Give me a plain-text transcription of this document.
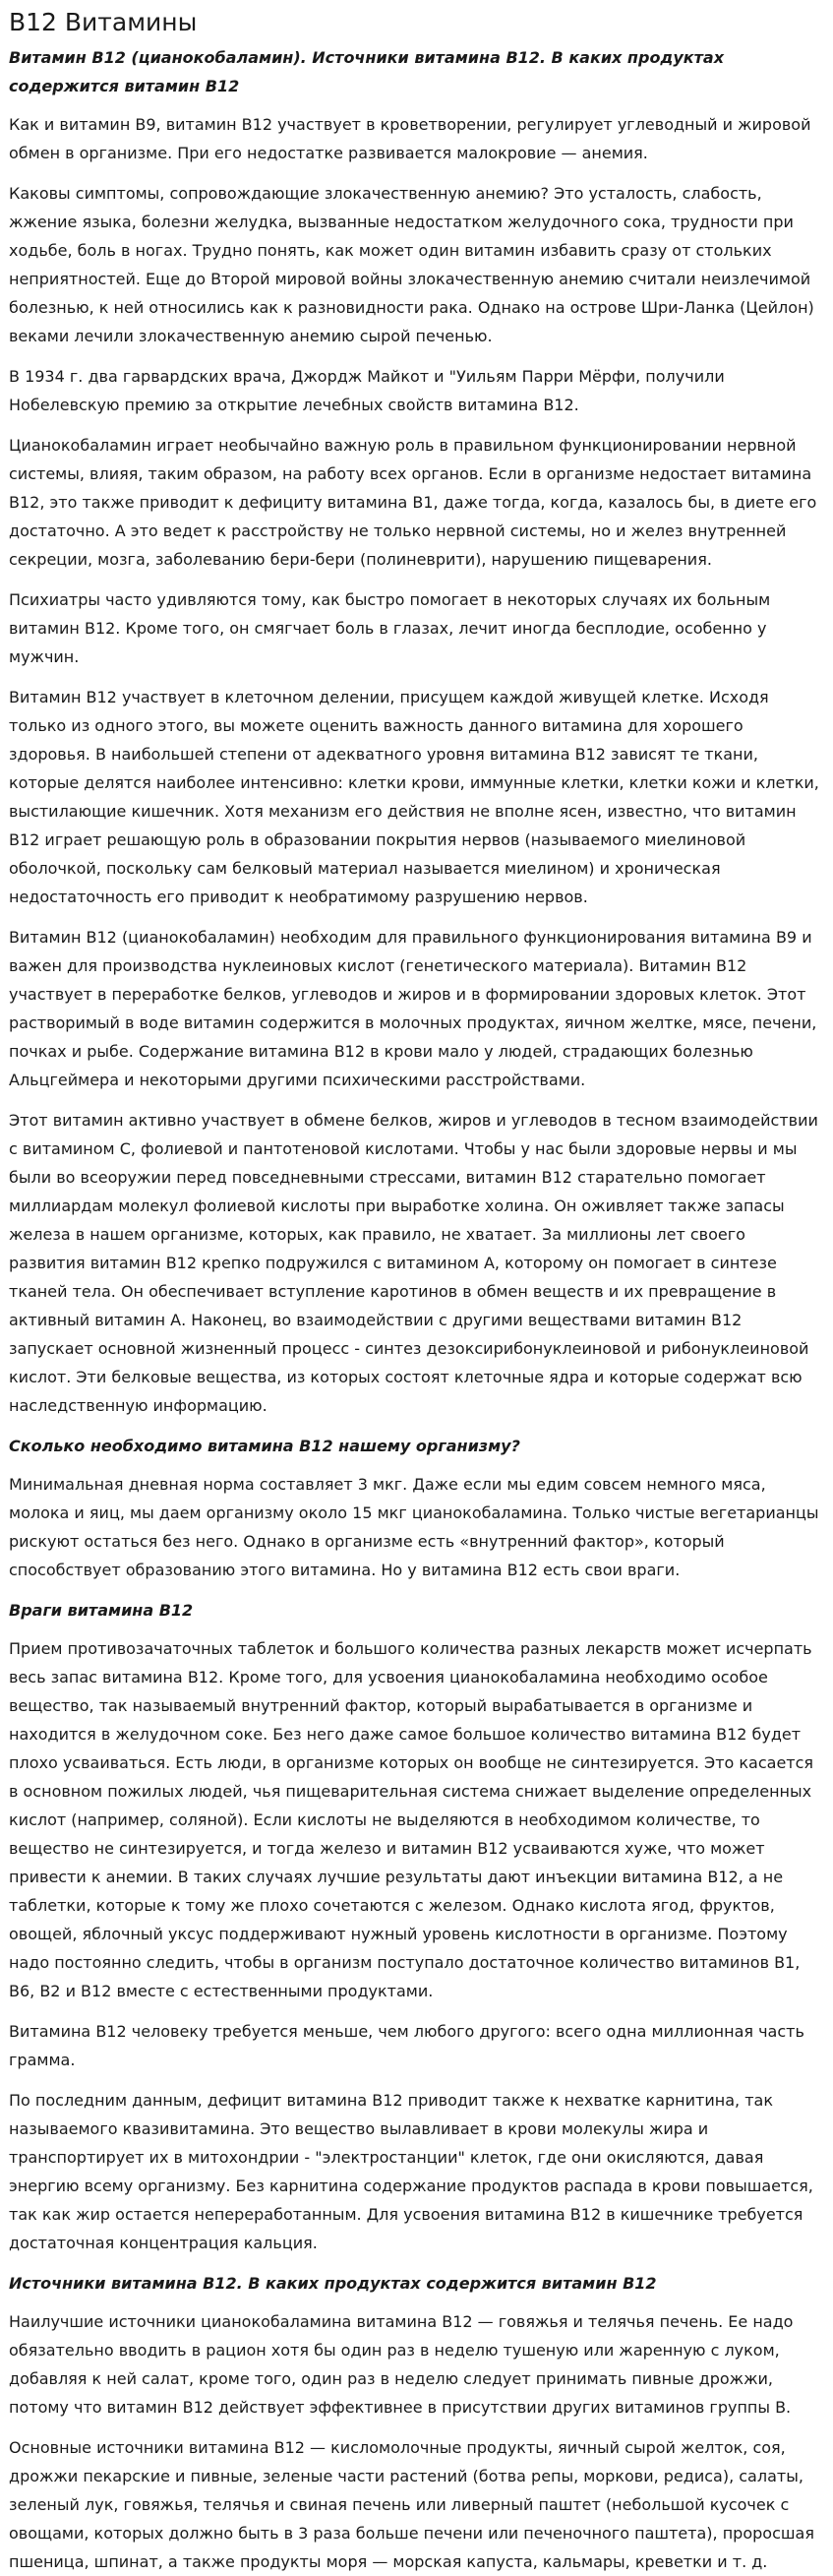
B12 Витамины
Витамин B12 (цианокобаламин). Источники витамина B12. В каких продуктах содержится витамин В12

Как и витамин В9, витамин В12 участвует в кроветворении, регулирует углеводный и жировой обмен в организме. При его недостатке развивается малокровие — анемия.

Каковы симптомы, сопровождающие злокачественную анемию? Это усталость, слабость, жжение языка, болезни желудка, вызванные недостатком желудочного сока, трудности при ходьбе, боль в ногах. Трудно понять, как может один витамин избавить сразу от стольких неприятностей. Еще до Второй мировой войны злокачественную анемию считали неизлечимой болезнью, к ней относились как к разновидности рака. Однако на острове Шри-Ланка (Цейлон) веками лечили злокачественную анемию сырой печенью.

В 1934 г. два гарвардских врача, Джордж Майкот и "Уильям Парри Мёрфи, получили Нобелевскую премию за открытие лечебных свойств витамина В12.

Цианокобаламин играет необычайно важную роль в правильном функционировании нервной системы, влияя, таким образом, на работу всех органов. Если в организме недостает витамина В12, это также приводит к дефициту витамина В1, даже тогда, когда, казалось бы, в диете его достаточно. А это ведет к расстройству не только нервной системы, но и желез внутренней секреции, мозга, заболеванию бери-бери (полиневрити), нарушению пищеварения.

Психиатры часто удивляются тому, как быстро помогает в некоторых случаях их больным витамин В12. Кроме того, он смягчает боль в глазах, лечит иногда бесплодие, особенно у мужчин.

Витамин В12 участвует в клеточном делении, присущем каждой живущей клетке. Исходя только из одного этого, вы можете оценить важность данного витамина для хорошего здоровья. В наибольшей степени от адекватного уровня витамина В12 зависят те ткани, которые делятся наиболее интенсивно: клетки крови, иммунные клетки, клетки кожи и клетки, выстилающие кишечник. Хотя механизм его действия не вполне ясен, известно, что витамин В12 играет решающую роль в образовании покрытия нервов (называемого миелиновой оболочкой, поскольку сам белковый материал называется миелином) и хроническая недостаточность его приводит к необратимому разрушению нервов.

Витамин В12 (цианокобаламин) необходим для правильного функционирования витамина В9 и важен для производства нуклеиновых кислот (генетического материала). Витамин В12 участвует в переработке белков, углеводов и жиров и в формировании здоровых клеток. Этот растворимый в воде витамин содержится в молочных продуктах, яичном желтке, мясе, печени, почках и рыбе. Содержание витамина В12 в крови мало у людей, страдающих болезнью Альцгеймера и некоторыми другими психическими расстройствами.

Этот витамин активно участвует в обмене белков, жиров и углеводов в тесном взаимодействии с витамином С, фолиевой и пантотеновой кислотами. Чтобы у нас были здоровые нервы и мы были во всеоружии перед повседневными стрессами, витамин В12 старательно помогает миллиардам молекул фолиевой кислоты при выработке холина. Он оживляет также запасы железа в нашем организме, которых, как правило, не хватает. За миллионы лет своего развития витамин В12 крепко подружился с витамином А, которому он помогает в синтезе тканей тела. Он обеспечивает вступление каротинов в обмен веществ и их превращение в активный витамин А. Наконец, во взаимодействии с другими веществами витамин В12 запускает основной жизненный процесс - синтез дезоксирибонуклеиновой и рибонуклеиновой кислот. Эти белковые вещества, из которых состоят клеточные ядра и которые содержат всю наследственную информацию.

Сколько необходимо витамина В12 нашему организму?

Минимальная дневная норма составляет 3 мкг. Даже если мы едим совсем немного мяса, молока и яиц, мы даем организму около 15 мкг цианокобаламина. Только чистые вегетарианцы рискуют остаться без него. Однако в организме есть «внутренний фактор», который способствует образованию этого витамина. Но у витамина В12 есть свои враги.

Враги витамина В12

Прием противозачаточных таблеток и большого количества разных лекарств может исчерпать весь запас витамина В12. Кроме того, для усвоения цианокобаламина необходимо особое вещество, так называемый внутренний фактор, который вырабатывается в организме и находится в желудочном соке. Без него даже самое большое количество витамина В12 будет плохо усваиваться. Есть люди, в организме которых он вообще не синтезируется. Это касается в основном пожилых людей, чья пищеварительная система снижает выделение определенных кислот (например, соляной). Если кислоты не выделяются в необходимом количестве, то вещество не синтезируется, и тогда железо и витамин В12 усваиваются хуже, что может привести к анемии. В таких случаях лучшие результаты дают инъекции витамина В12, а не таблетки, которые к тому же плохо сочетаются с железом. Однако кислота ягод, фруктов, овощей, яблочный уксус поддерживают нужный уровень кислотности в организме. Поэтому надо постоянно следить, чтобы в организм поступало достаточное количество витаминов В1, В6, В2 и В12 вместе с естественными продуктами.

Витамина В12 человеку требуется меньше, чем любого другого: всего одна миллионная часть грамма.

По последним данным, дефицит витамина В12 приводит также к нехватке карнитина, так называемого квазивитамина. Это вещество вылавливает в крови молекулы жира и транспортирует их в митохондрии - "электростанции" клеток, где они окисляются, давая энергию всему организму. Без карнитина содержание продуктов распада в крови повышается, так как жир остается непереработанным. Для усвоения витамина В12 в кишечнике требуется достаточная концентрация кальция.

Источники витамина B12. В каких продуктах содержится витамин В12

Наилучшие источники цианокобаламина витамина В12 — говяжья и телячья печень. Ее надо обязательно вводить в рацион хотя бы один раз в неделю тушеную или жаренную с луком, добавляя к ней салат, кроме того, один раз в неделю следует принимать пивные дрожжи, потому что витамин В12 действует эффективнее в присутствии других витаминов группы В.

Основные источники витамина В12 — кисломолочные продукты, яичный сырой желток, соя, дрожжи пекарские и пивные, зеленые части растений (ботва репы, моркови, редиса), салаты, зеленый лук, говяжья, телячья и свиная печень или ливерный паштет (небольшой кусочек с овощами, которых должно быть в 3 раза больше печени или печеночного паштета), проросшая пшеница, шпинат, а также продукты моря — морская капуста, кальмары, креветки и т. д.
